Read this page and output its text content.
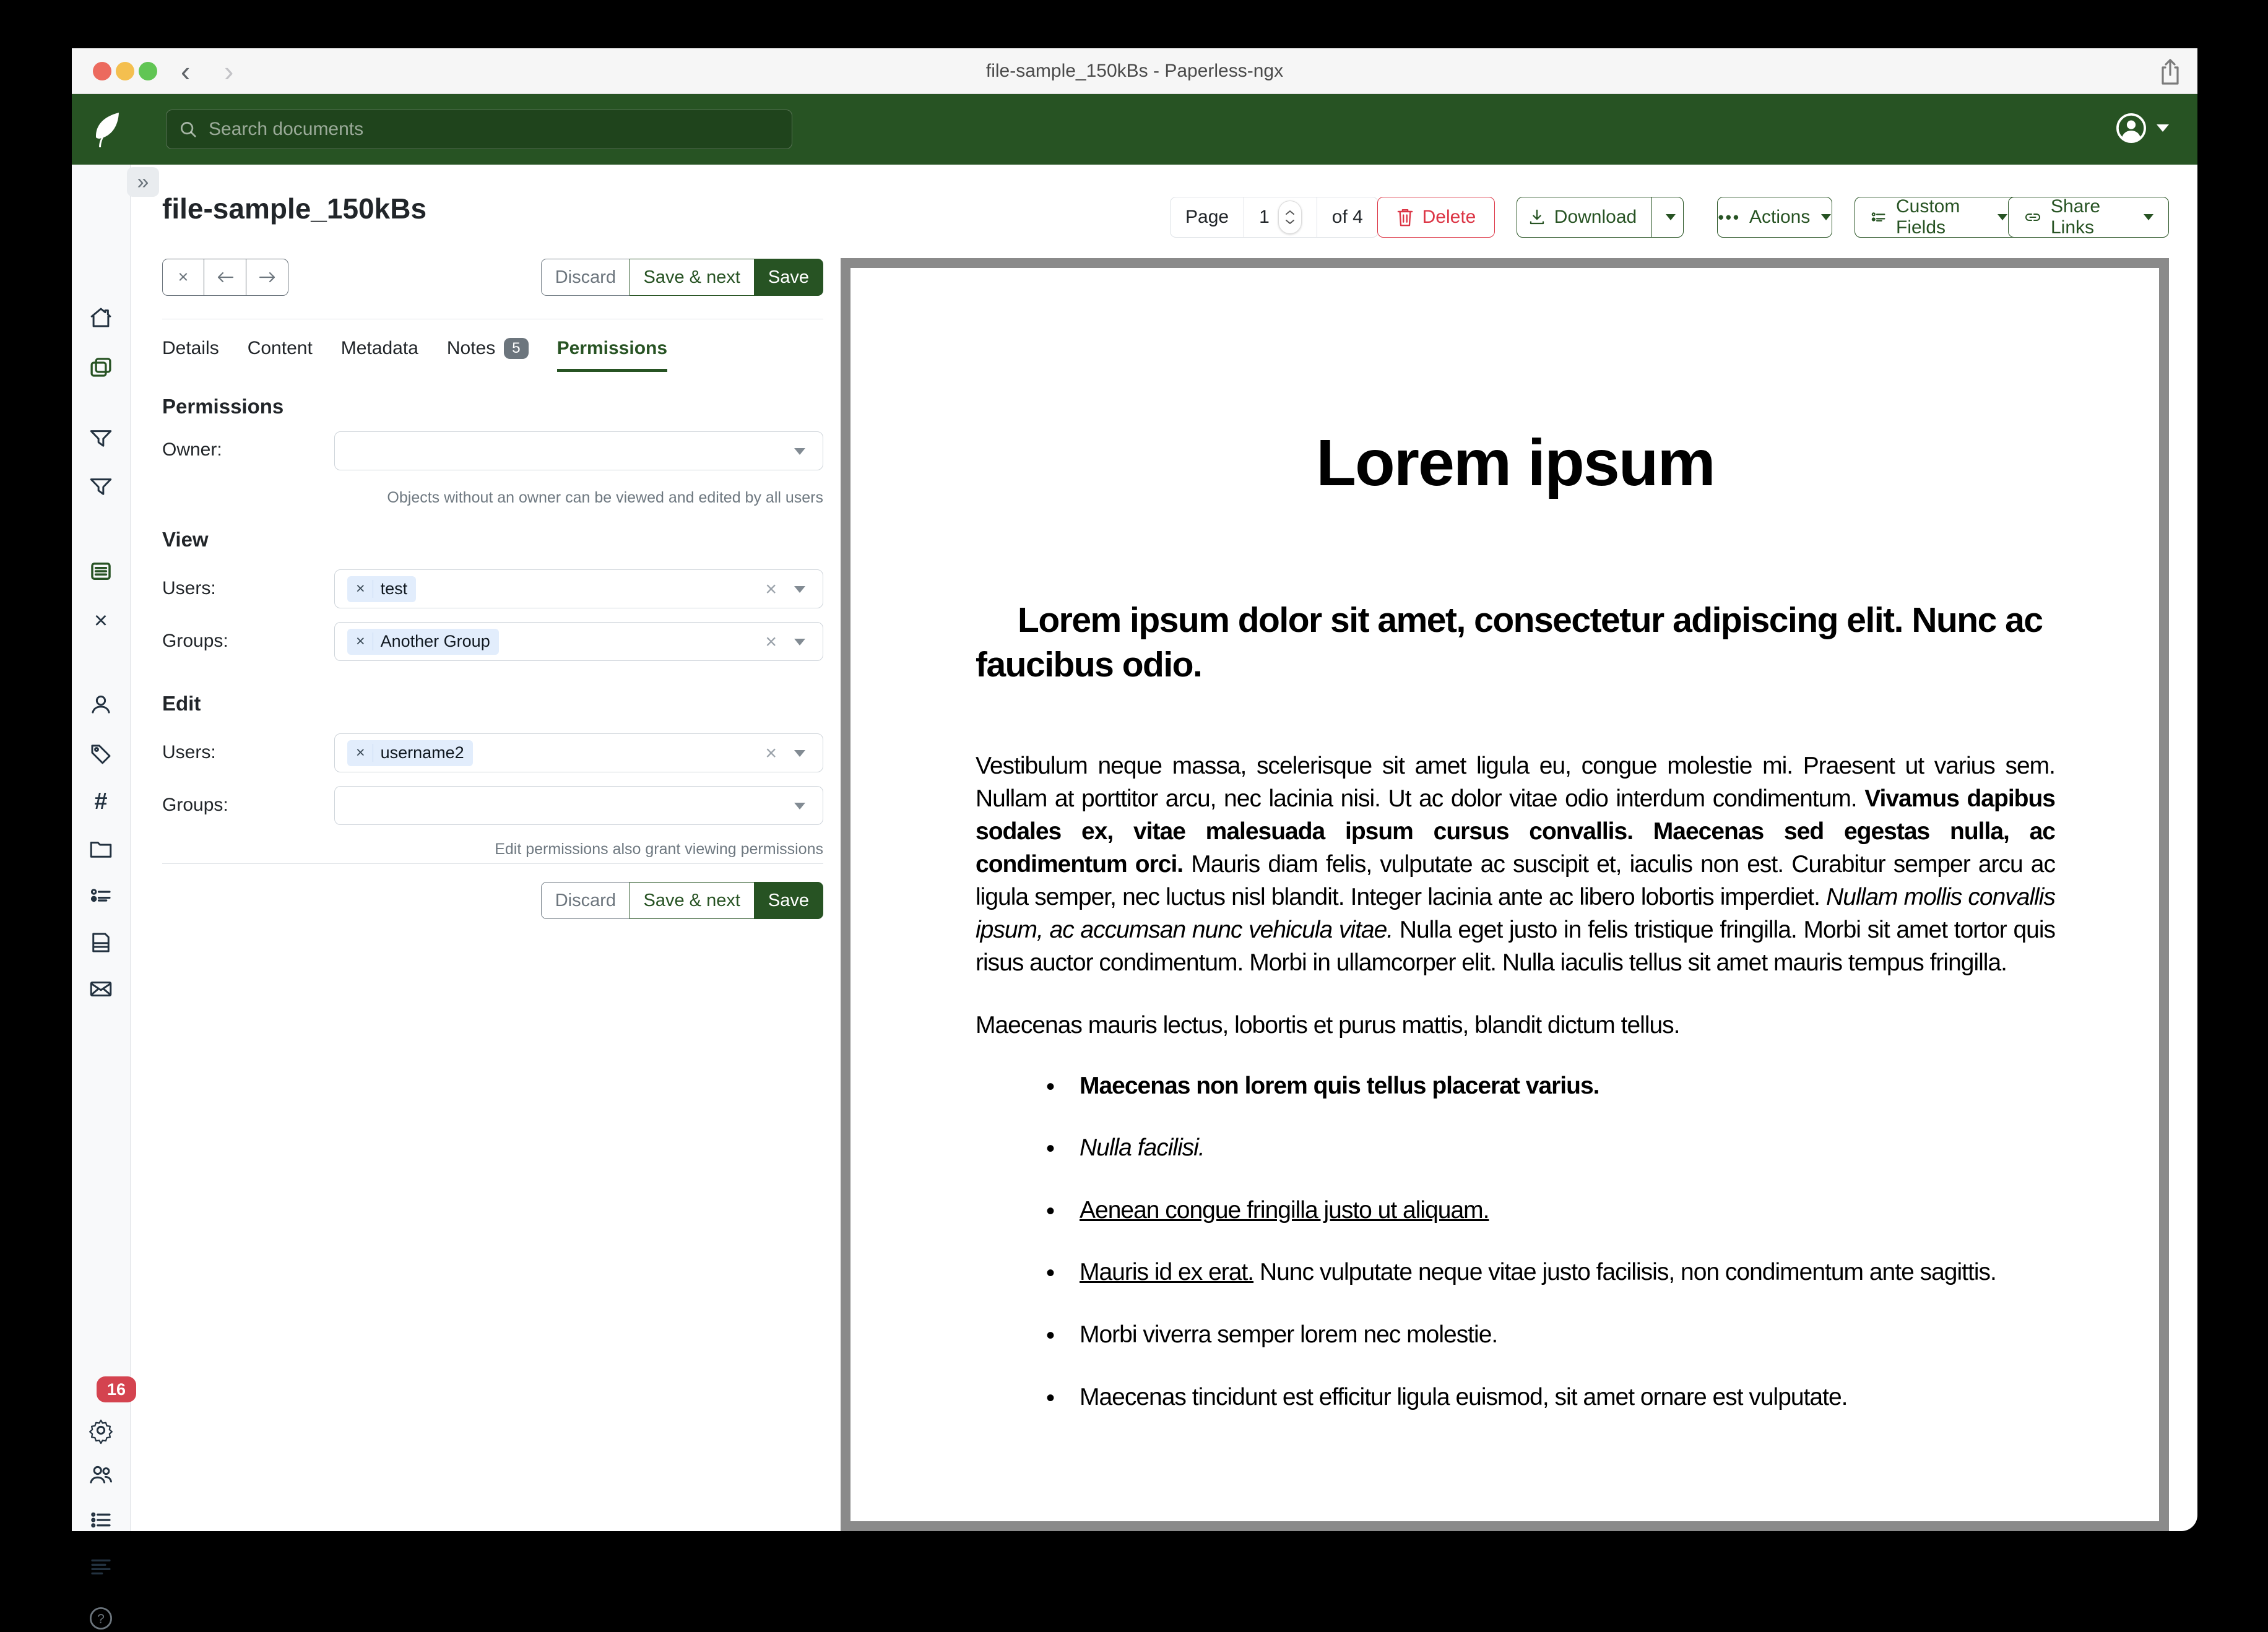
‹ ›	file-sample_150kBs - Paperless-ngx
Search documents
×
#
?
16
»
file-sample_150kBs
×	Discard	Save & next	Save
Details Content Metadata Notes	5	Permissions
Permissions
Owner:
Objects without an owner can be viewed and edited by all users
View
Users:	× test	×
Groups:	× Another Group	×
Edit
Users:	× username2	×
Groups:
Edit permissions also grant viewing permissions
Discard	Save & next	Save
Page	1	of 4	Delete	Download	••• Actions
Custom Fields
Share Links
Lorem ipsum
Lorem ipsum dolor sit amet, consectetur adipiscing elit. Nunc ac faucibus odio.
Vestibulum neque massa, scelerisque sit amet ligula eu, congue molestie mi. Praesent ut varius sem. Nullam at porttitor arcu, nec lacinia nisi. Ut ac dolor vitae odio interdum condimentum. Vivamus dapibus sodales ex, vitae malesuada ipsum cursus convallis. Maecenas sed egestas nulla, ac condimentum orci. Mauris diam felis, vulputate ac suscipit et, iaculis non est. Curabitur semper arcu ac ligula semper, nec luctus nisl blandit. Integer lacinia ante ac libero lobortis imperdiet. Nullam mollis convallis ipsum, ac accumsan nunc vehicula vitae. Nulla eget justo in felis tristique fringilla. Morbi sit amet tortor quis risus auctor condimentum. Morbi in ullamcorper elit. Nulla iaculis tellus sit amet mauris tempus fringilla.
Maecenas mauris lectus, lobortis et purus mattis, blandit dictum tellus.
• Maecenas non lorem quis tellus placerat varius.
• Nulla facilisi.
• Aenean congue fringilla justo ut aliquam.
• Mauris id ex erat. Nunc vulputate neque vitae justo facilisis, non condimentum ante sagittis.
• Morbi viverra semper lorem nec molestie.
• Maecenas tincidunt est efficitur ligula euismod, sit amet ornare est vulputate.
